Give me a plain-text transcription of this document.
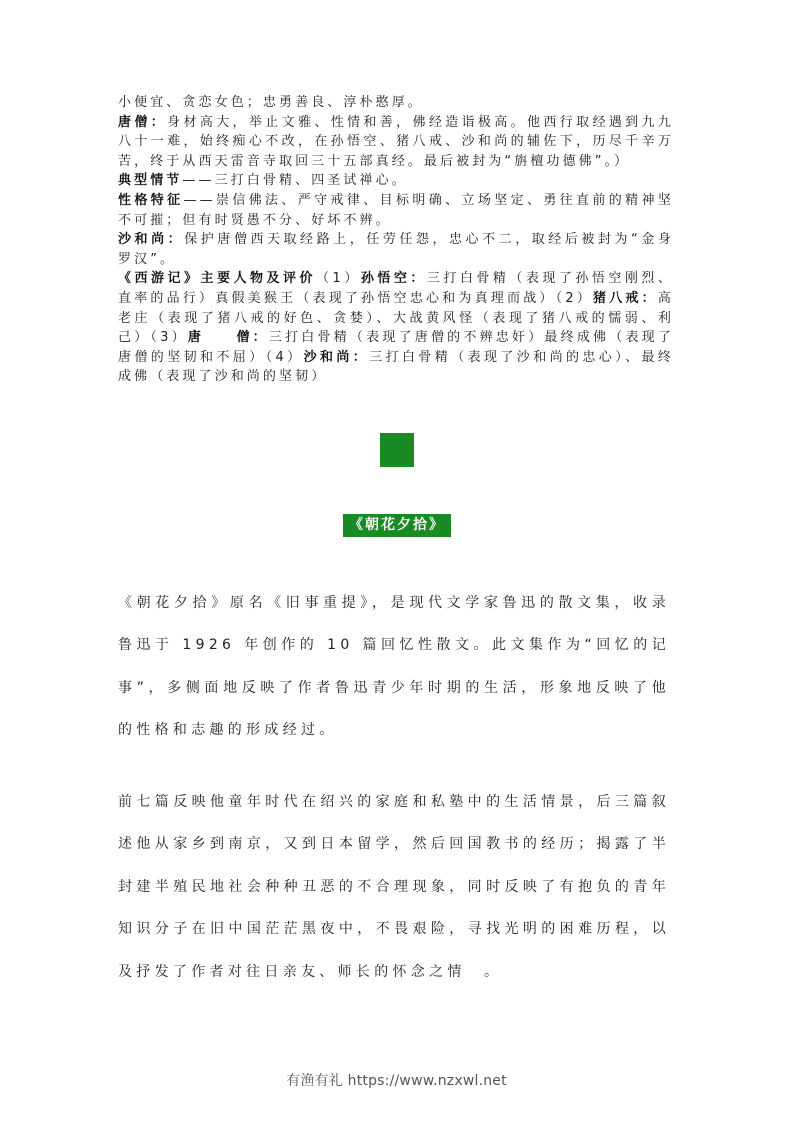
小便宜、贪恋女色；忠勇善良、淳朴憨厚。

唐僧：身材高大，举止文雅、性情和善，佛经造诣极高。他西行取经遇到九九八十一难，始终痴心不改，在孙悟空、猪八戒、沙和尚的辅佐下，历尽千辛万苦，终于从西天雷音寺取回三十五部真经。最后被封为“旃檀功德佛”。）

典型情节——三打白骨精、四圣试禅心。

性格特征——崇信佛法、严守戒律、目标明确、立场坚定、勇往直前的精神坚不可摧；但有时贤愚不分、好坏不辨。

沙和尚：保护唐僧西天取经路上，任劳任怨，忠心不二，取经后被封为“金身罗汉”。

《西游记》主要人物及评价（1）孙悟空：三打白骨精（表现了孙悟空刚烈、直率的品行）真假美猴王（表现了孙悟空忠心和为真理而战）（2）猪八戒：高老庄（表现了猪八戒的好色、贪婪）、大战黄风怪（表现了猪八戒的懦弱、利己）（3）唐　　僧：三打白骨精（表现了唐僧的不辨忠奸）最终成佛（表现了唐僧的坚韧和不屈）（4）沙和尚：三打白骨精（表现了沙和尚的忠心）、最终成佛（表现了沙和尚的坚韧）

《朝花夕拾》

《朝花夕拾》原名《旧事重提》，是现代文学家鲁迅的散文集，收录鲁迅于 1926 年创作的 10 篇回忆性散文。此文集作为“回忆的记事”，多侧面地反映了作者鲁迅青少年时期的生活，形象地反映了他的性格和志趣的形成经过。

前七篇反映他童年时代在绍兴的家庭和私塾中的生活情景，后三篇叙述他从家乡到南京，又到日本留学，然后回国教书的经历；揭露了半封建半殖民地社会种种丑恶的不合理现象，同时反映了有抱负的青年知识分子在旧中国茫茫黑夜中，不畏艰险，寻找光明的困难历程，以及抒发了作者对往日亲友、师长的怀念之情　。

有渔有礼 https://www.nzxwl.net
